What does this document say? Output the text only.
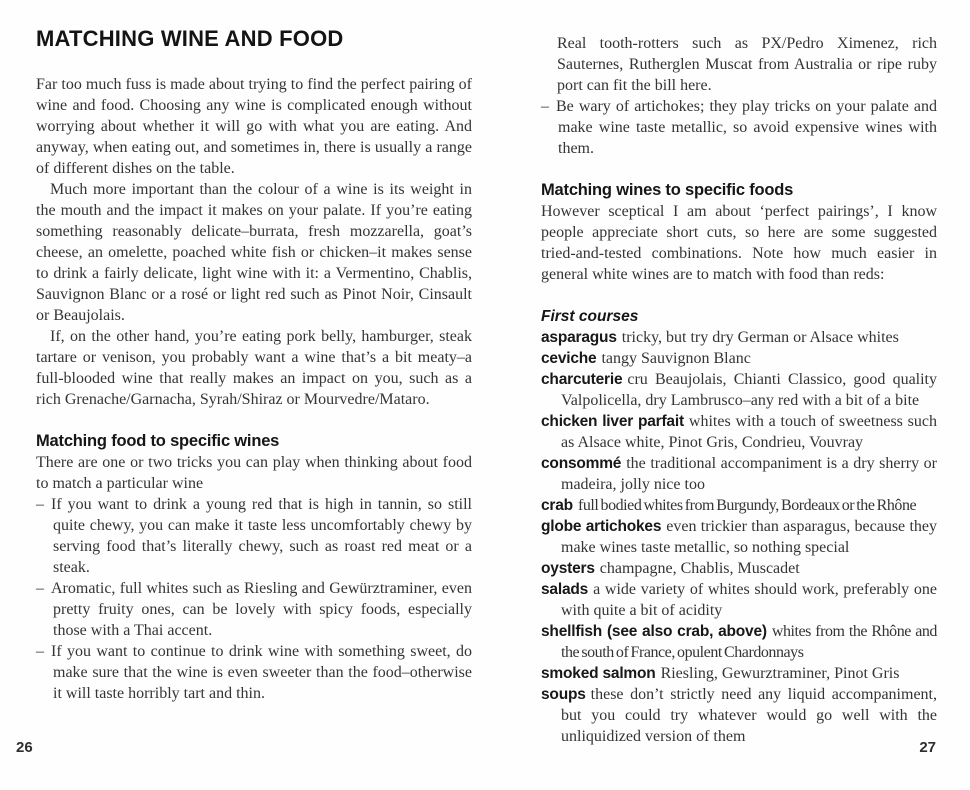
MATCHING WINE AND FOOD

Far too much fuss is made about trying to find the perfect pairing of wine and food. Choosing any wine is complicated enough without worrying about whether it will go with what you are eating. And anyway, when eating out, and sometimes in, there is usually a range of different dishes on the table.

Much more important than the colour of a wine is its weight in the mouth and the impact it makes on your palate. If you’re eating something reasonably delicate–burrata, fresh mozzarella, goat’s cheese, an omelette, poached white fish or chicken–it makes sense to drink a fairly delicate, light wine with it: a Vermentino, Chablis, Sauvignon Blanc or a rosé or light red such as Pinot Noir, Cinsault or Beaujolais.

If, on the other hand, you’re eating pork belly, hamburger, steak tartare or venison, you probably want a wine that’s a bit meaty–a full-blooded wine that really makes an impact on you, such as a rich Grenache/Garnacha, Syrah/Shiraz or Mourvedre/Mataro.

Matching food to specific wines

There are one or two tricks you can play when thinking about food to match a particular wine

– If you want to drink a young red that is high in tannin, so still quite chewy, you can make it taste less uncomfortably chewy by serving food that’s literally chewy, such as roast red meat or a steak.

– Aromatic, full whites such as Riesling and Gewürztraminer, even pretty fruity ones, can be lovely with spicy foods, especially those with a Thai accent.

– If you want to continue to drink wine with something sweet, do make sure that the wine is even sweeter than the food–otherwise it will taste horribly tart and thin.

Real tooth-rotters such as PX/Pedro Ximenez, rich Sauternes, Rutherglen Muscat from Australia or ripe ruby port can fit the bill here.

– Be wary of artichokes; they play tricks on your palate and make wine taste metallic, so avoid expensive wines with them.

Matching wines to specific foods

However sceptical I am about ‘perfect pairings’, I know people appreciate short cuts, so here are some suggested tried-and-tested combinations. Note how much easier in general white wines are to match with food than reds:

First courses

asparagus tricky, but try dry German or Alsace whites

ceviche tangy Sauvignon Blanc

charcuterie cru Beaujolais, Chianti Classico, good quality Valpolicella, dry Lambrusco–any red with a bit of a bite

chicken liver parfait whites with a touch of sweetness such as Alsace white, Pinot Gris, Condrieu, Vouvray

consommé the traditional accompaniment is a dry sherry or madeira, jolly nice too

crab full bodied whites from Burgundy, Bordeaux or the Rhône

globe artichokes even trickier than asparagus, because they make wines taste metallic, so nothing special

oysters champagne, Chablis, Muscadet

salads a wide variety of whites should work, preferably one with quite a bit of acidity

shellfish (see also crab, above) whites from the Rhône and the south of France, opulent Chardonnays

smoked salmon Riesling, Gewurztraminer, Pinot Gris

soups these don’t strictly need any liquid accompaniment, but you could try whatever would go well with the unliquidized version of them

26	27
